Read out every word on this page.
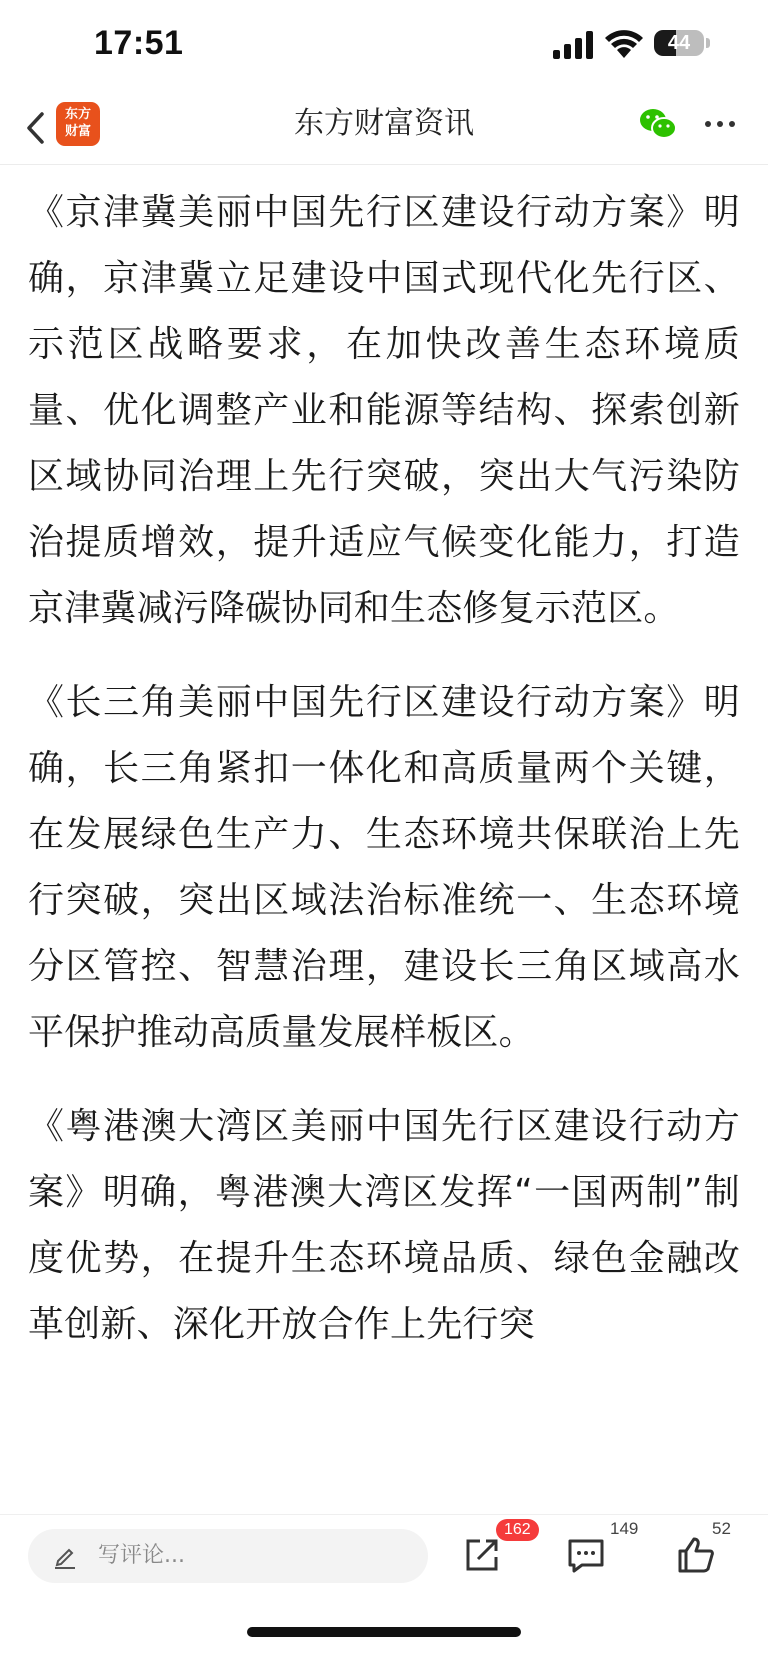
17:51	44
东方财富资讯
东方
财富

《京津冀美丽中国先行区建设行动方案》明确，京津冀立足建设中国式现代化先行区、示范区战略要求，在加快改善生态环境质量、优化调整产业和能源等结构、探索创新区域协同治理上先行突破，突出大气污染防治提质增效，提升适应气候变化能力，打造京津冀减污降碳协同和生态修复示范区。

《长三角美丽中国先行区建设行动方案》明确，长三角紧扣一体化和高质量两个关键，在发展绿色生产力、生态环境共保联治上先行突破，突出区域法治标准统一、生态环境分区管控、智慧治理，建设长三角区域高水平保护推动高质量发展样板区。

《粤港澳大湾区美丽中国先行区建设行动方案》明确，粤港澳大湾区发挥“一国两制”制度优势，在提升生态环境品质、绿色金融改革创新、深化开放合作上先行突

写评论...
162	149	52
